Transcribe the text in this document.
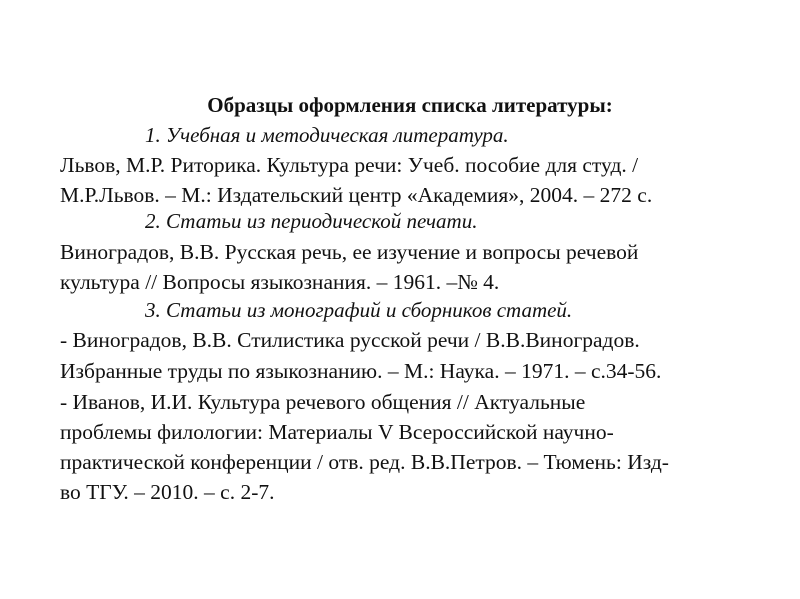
Образцы оформления списка литературы:
1. Учебная и методическая литература.
Львов, М.Р. Риторика. Культура речи: Учеб. пособие для студ. /
М.Р.Львов. – М.: Издательский центр «Академия», 2004. – 272 с.
2. Статьи из периодической печати.
Виноградов, В.В. Русская речь, ее изучение и вопросы речевой
культура // Вопросы языкознания. – 1961. –№ 4.
3. Статьи из монографий и сборников статей.
- Виноградов, В.В. Стилистика русской речи / В.В.Виноградов.
Избранные труды по языкознанию. – М.: Наука. – 1971. – с.34-56.
- Иванов, И.И. Культура речевого общения // Актуальные
проблемы филологии: Материалы V Всероссийской научно-
практической конференции / отв. ред. В.В.Петров. – Тюмень: Изд-
во ТГУ. – 2010. – с. 2-7.
